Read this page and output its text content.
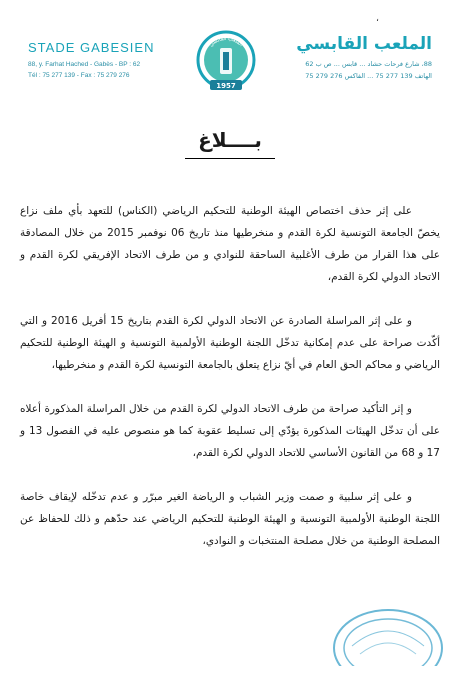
،
STADE GABESIEN
88, y. Farhat Hached - Gabès - BP : 62
Tél : 75 277 139 - Fax : 75 279 276
الملعب القابسي
1957
الملعب القابسي
88، شارع فرحات حشاد ... قابس ... ص ب 62
الهاتف 139 277 75 ... الفاكس 276 279 75
بــــلاغ

على إثر حذف اختصاص الهيئة الوطنية للتحكيم الرياضي (الكناس) للتعهد بأي ملف نزاع يخصّ الجامعة التونسية لكرة القدم و منخرطيها منذ تاريخ 06 نوفمبر 2015 من خلال المصادقة على هذا القرار من طرف الأغلبية الساحقة للنوادي و من طرف الاتحاد الإفريقي لكرة القدم و الاتحاد الدولي لكرة القدم،

و على إثر المراسلة الصادرة عن الاتحاد الدولي لكرة القدم بتاريخ 15 أفريل 2016 و التي أكّدت صراحة على عدم إمكانية تدخّل اللجنة الوطنية الأولمبية التونسية و الهيئة الوطنية للتحكيم الرياضي و محاكم الحق العام في أيّ نزاع يتعلق بالجامعة التونسية لكرة القدم و منخرطيها،

و إثر التأكيد صراحة من طرف الاتحاد الدولي لكرة القدم من خلال المراسلة المذكورة أعلاه على أن تدخّل الهيئات المذكورة يؤدّي إلى تسليط عقوبة كما هو منصوص عليه في الفصول 13 و 17 و 68 من القانون الأساسي للاتحاد الدولي لكرة القدم،

و على إثر سلبية و صمت وزير الشباب و الرياضة الغير مبرّر و عدم تدخّله لإيقاف خاصة اللجنة الوطنية الأولمبية التونسية و الهيئة الوطنية للتحكيم الرياضي عند حدّهم و ذلك للحفاظ عن المصلحة الوطنية من خلال مصلحة المنتخبات و النوادي،
